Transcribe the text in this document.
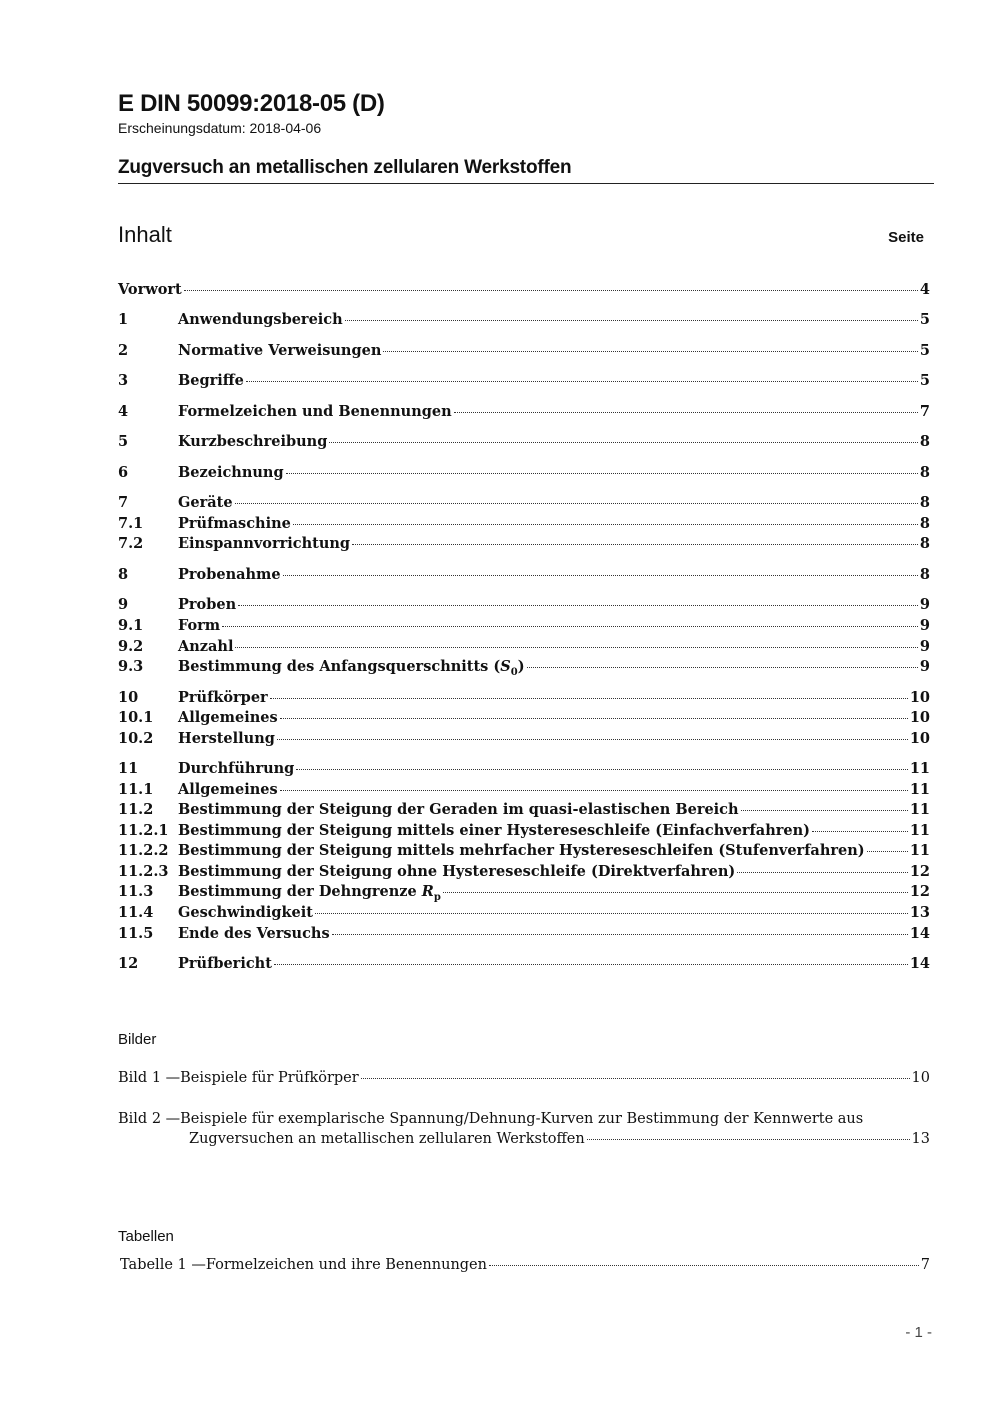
E DIN 50099:2018-05 (D)
Erscheinungsdatum: 2018-04-06
Zugversuch an metallischen zellularen Werkstoffen
Inhalt	Seite
Vorwort	4
1	Anwendungsbereich	5
2	Normative Verweisungen	5
3	Begriffe	5
4	Formelzeichen und Benennungen	7
5	Kurzbeschreibung	8
6	Bezeichnung	8
7	Geräte	8
7.1	Prüfmaschine	8
7.2	Einspannvorrichtung	8
8	Probenahme	8
9	Proben	9
9.1	Form	9
9.2	Anzahl	9
9.3	Bestimmung des Anfangsquerschnitts $(S_0)$	9
10	Prüfkörper	10
10.1	Allgemeines	10
10.2	Herstellung	10
11	Durchführung	11
11.1	Allgemeines	11
11.2	Bestimmung der Steigung der Geraden im quasi-elastischen Bereich	11
11.2.1 Bestimmung der Steigung mittels einer Hystereseschleife (Einfachverfahren)	11
11.2.2 Bestimmung der Steigung mittels mehrfacher Hystereseschleifen (Stufenverfahren)	11
11.2.3 Bestimmung der Steigung ohne Hystereseschleife (Direktverfahren)	12
11.3	Bestimmung der Dehngrenze $R_p$	12
11.4	Geschwindigkeit	13
11.5	Ende des Versuchs	14
12	Prüfbericht	14
Bilder
Bild 1 — Beispiele für Prüfkörper	10
Bild 2 — Beispiele für exemplarische Spannung/Dehnung-Kurven zur Bestimmung der Kennwerte aus
Zugversuchen an metallischen zellularen Werkstoffen	13
Tabellen
Tabelle 1 — Formelzeichen und ihre Benennungen	7
- 1 -
